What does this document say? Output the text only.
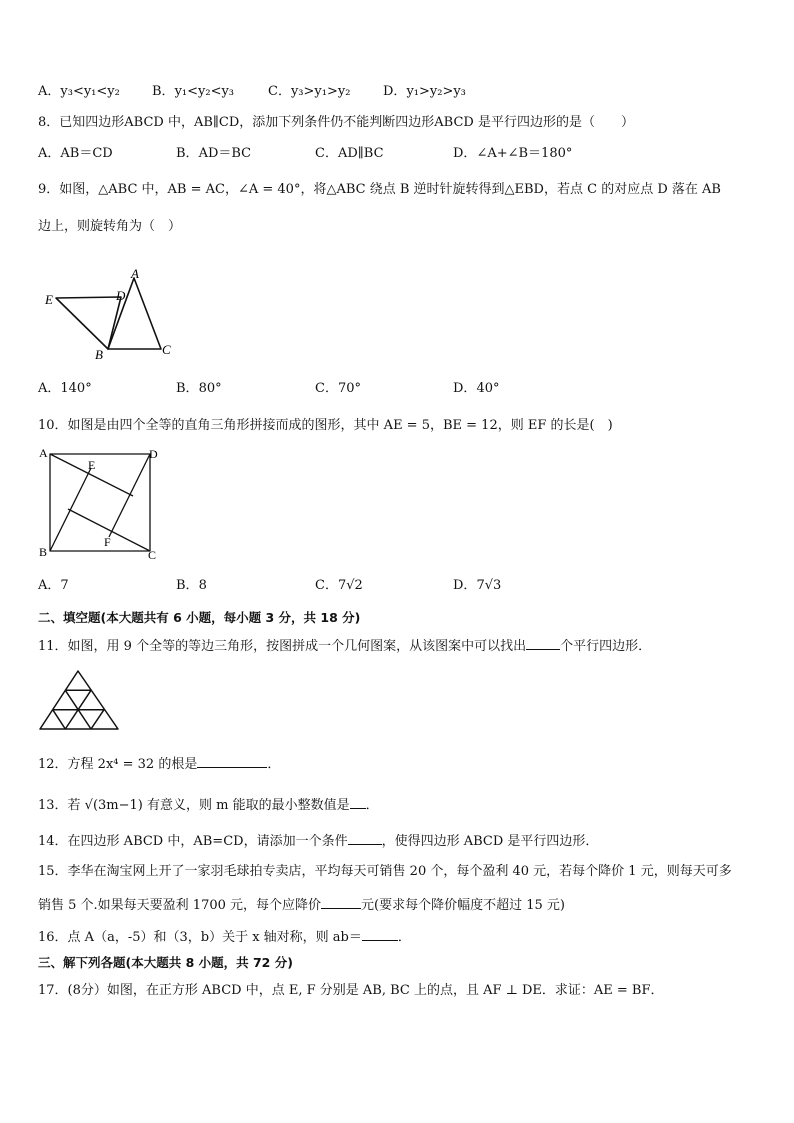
A．y₃<y₁<y₂ B．y₁<y₂<y₃	C．y₃>y₁>y₂	D．y₁>y₂>y₃
8．已知四边形ABCD 中，AB∥CD，添加下列条件仍不能判断四边形ABCD 是平行四边形的是（　　）
A．AB＝CD	B．AD＝BC	C．AD∥BC	D．∠A+∠B＝180°
9．如图，△ABC 中，AB = AC，∠A = 40°，将△ABC 绕点 B 逆时针旋转得到△EBD，若点 C 的对应点 D 落在 AB
边上，则旋转角为（　）
A
B	C
D
E
A．140°	B．80°	C．70°	D．40°
10．如图是由四个全等的直角三角形拼接而成的图形，其中 AE = 5，BE = 12，则 EF 的长是(　)
A
B	C
D
E
F
A．7	B．8	C．7√2	D．7√3
二、填空题(本大题共有 6 小题，每小题 3 分，共 18 分)
11．如图，用 9 个全等的等边三角形，按图拼成一个几何图案，从该图案中可以找出	个平行四边形．
12．方程 2x⁴ = 32 的根是	．
13．若 √(3m−1) 有意义，则 m 能取的最小整数值是 ．
14．在四边形 ABCD 中，AB=CD，请添加一个条件	，使得四边形 ABCD 是平行四边形．
15．李华在淘宝网上开了一家羽毛球拍专卖店，平均每天可销售 20 个，每个盈利 40 元，若每个降价 1 元，则每天可多
销售 5 个.如果每天要盈利 1700 元，每个应降价	元(要求每个降价幅度不超过 15 元)
16．点 A（a，-5）和（3，b）关于 x 轴对称，则 ab＝	．
三、解下列各题(本大题共 8 小题，共 72 分)
17．(8分）如图，在正方形 ABCD 中，点 E, F 分别是 AB, BC 上的点，且 AF ⊥ DE．求证：AE = BF．
